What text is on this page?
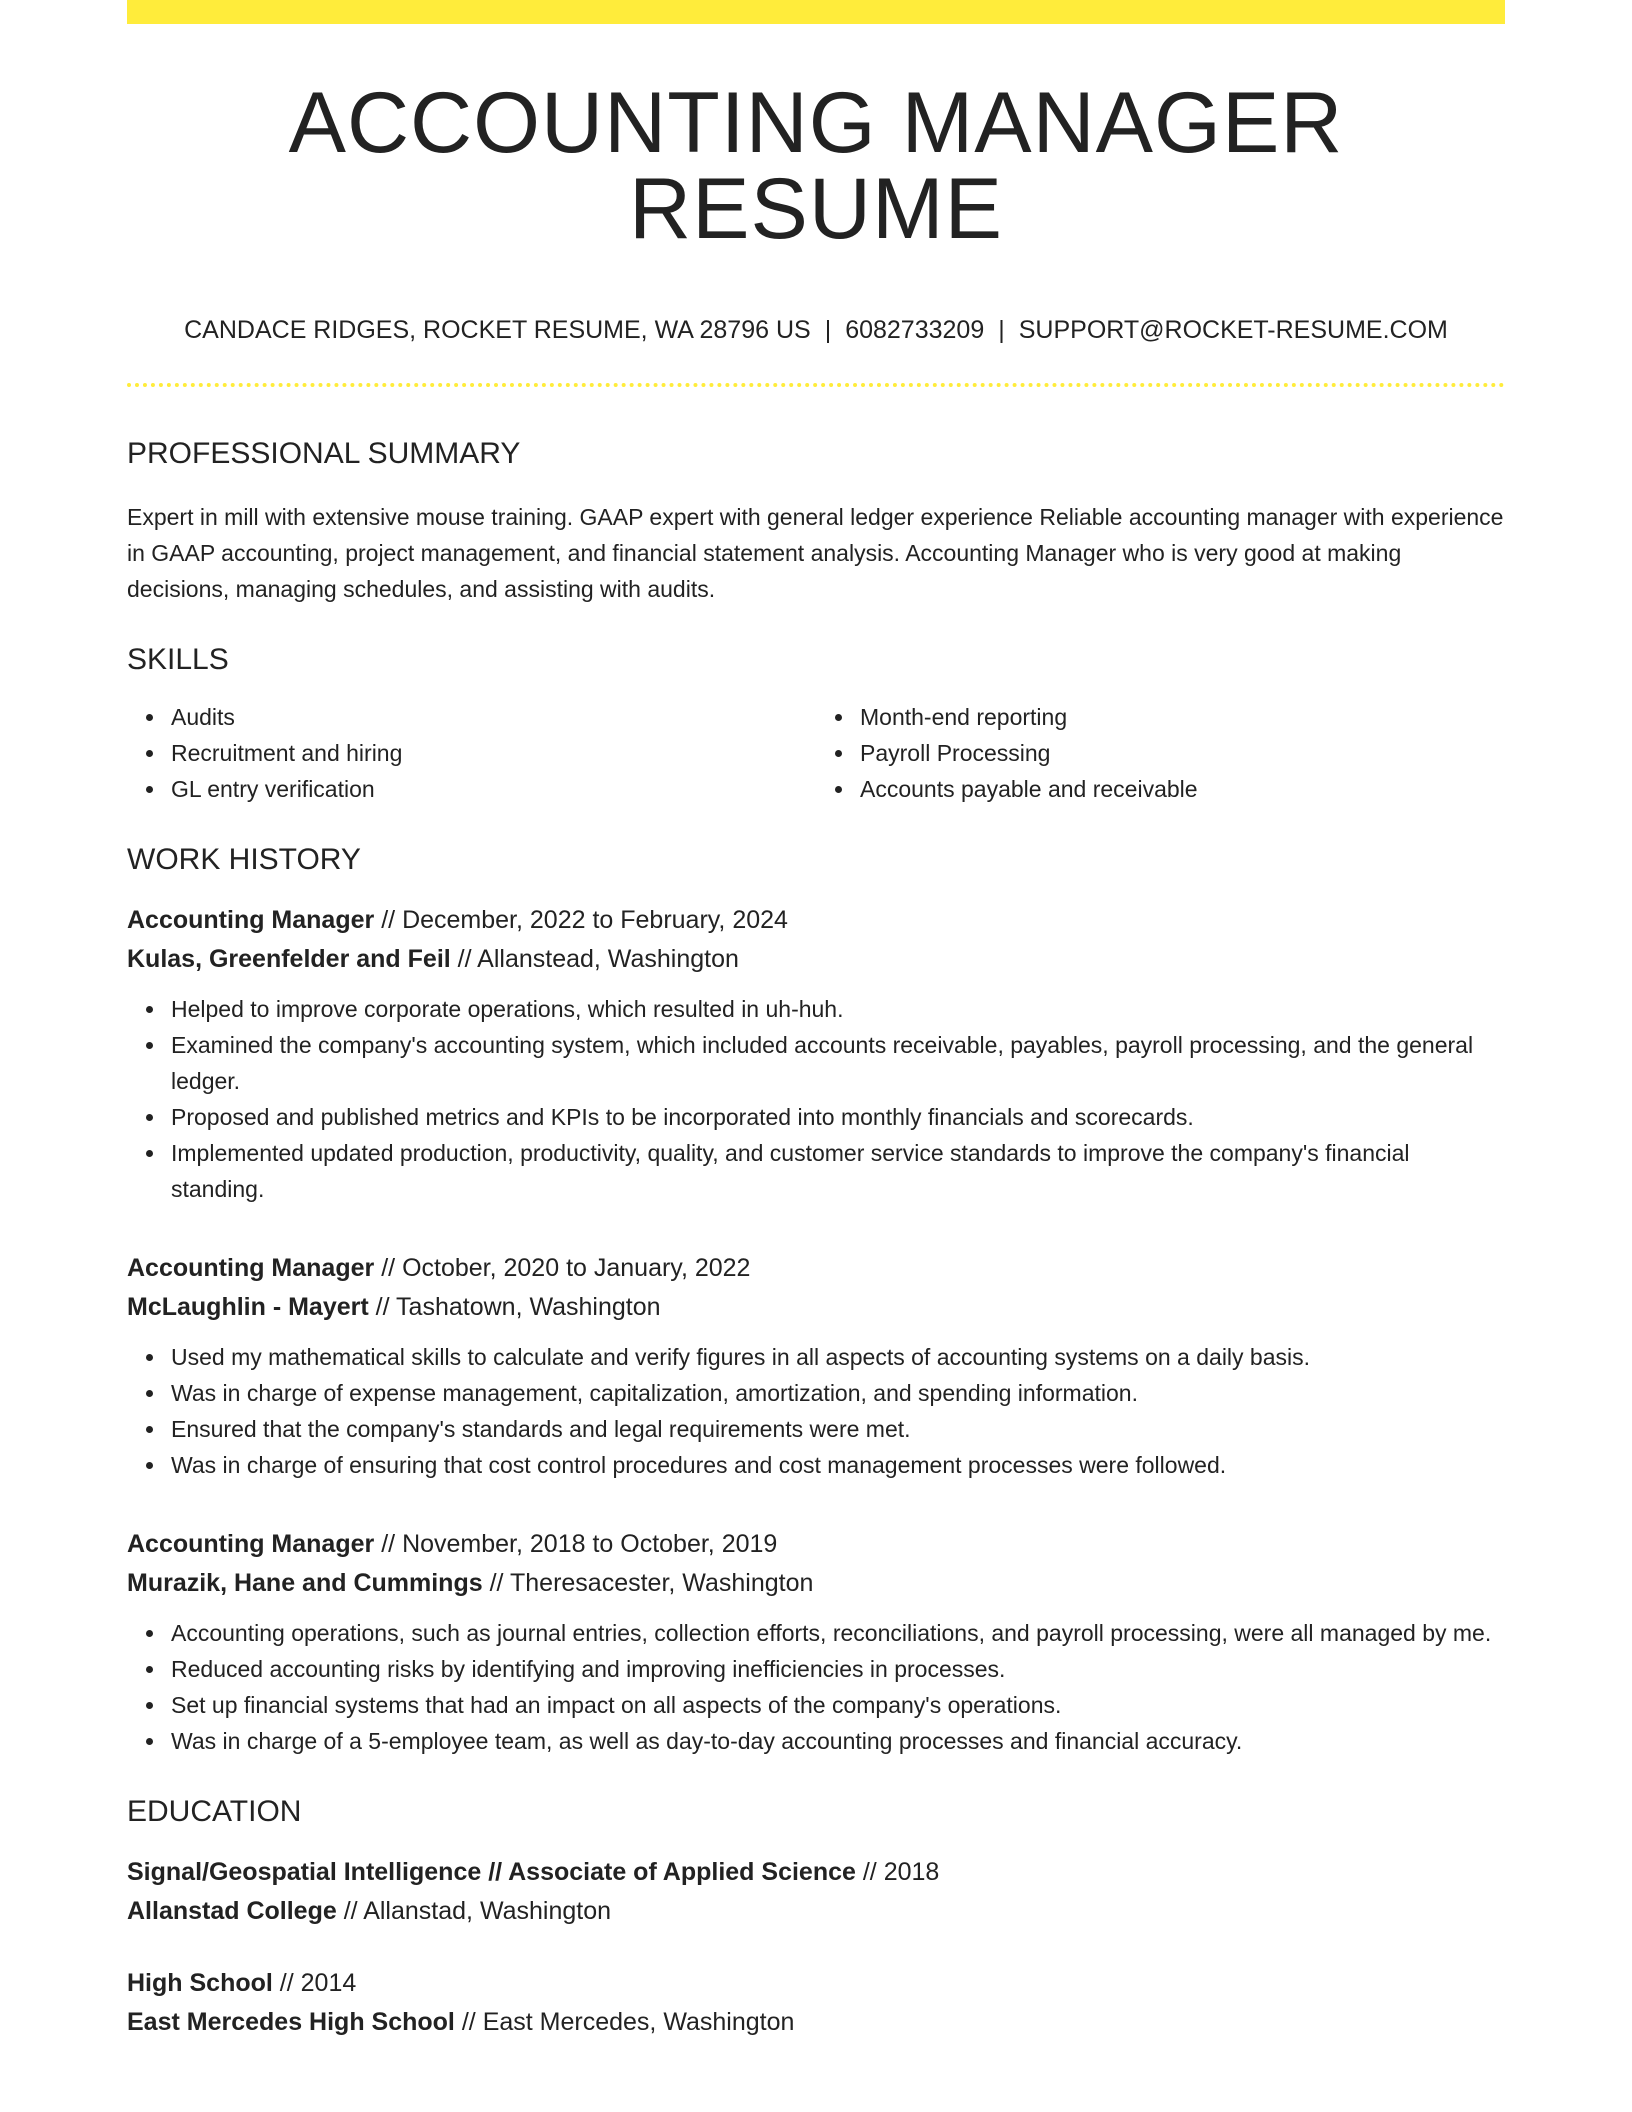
ACCOUNTING MANAGER RESUME
CANDACE RIDGES, ROCKET RESUME, WA 28796 US | 6082733209 | SUPPORT@ROCKET-RESUME.COM
PROFESSIONAL SUMMARY

Expert in mill with extensive mouse training. GAAP expert with general ledger experience Reliable accounting manager with experience in GAAP accounting, project management, and financial statement analysis. Accounting Manager who is very good at making decisions, managing schedules, and assisting with audits.

SKILLS
Audits
Recruitment and hiring
GL entry verification
Month-end reporting
Payroll Processing
Accounts payable and receivable
WORK HISTORY
Accounting Manager // December, 2022 to February, 2024
Kulas, Greenfelder and Feil // Allanstead, Washington
Helped to improve corporate operations, which resulted in uh-huh.
Examined the company's accounting system, which included accounts receivable, payables, payroll processing, and the general ledger.
Proposed and published metrics and KPIs to be incorporated into monthly financials and scorecards.
Implemented updated production, productivity, quality, and customer service standards to improve the company's financial standing.
Accounting Manager // October, 2020 to January, 2022
McLaughlin - Mayert // Tashatown, Washington
Used my mathematical skills to calculate and verify figures in all aspects of accounting systems on a daily basis.
Was in charge of expense management, capitalization, amortization, and spending information.
Ensured that the company's standards and legal requirements were met.
Was in charge of ensuring that cost control procedures and cost management processes were followed.
Accounting Manager // November, 2018 to October, 2019
Murazik, Hane and Cummings // Theresacester, Washington
Accounting operations, such as journal entries, collection efforts, reconciliations, and payroll processing, were all managed by me.
Reduced accounting risks by identifying and improving inefficiencies in processes.
Set up financial systems that had an impact on all aspects of the company's operations.
Was in charge of a 5-employee team, as well as day-to-day accounting processes and financial accuracy.
EDUCATION
Signal/Geospatial Intelligence // Associate of Applied Science // 2018
Allanstad College // Allanstad, Washington
High School // 2014
East Mercedes High School // East Mercedes, Washington
